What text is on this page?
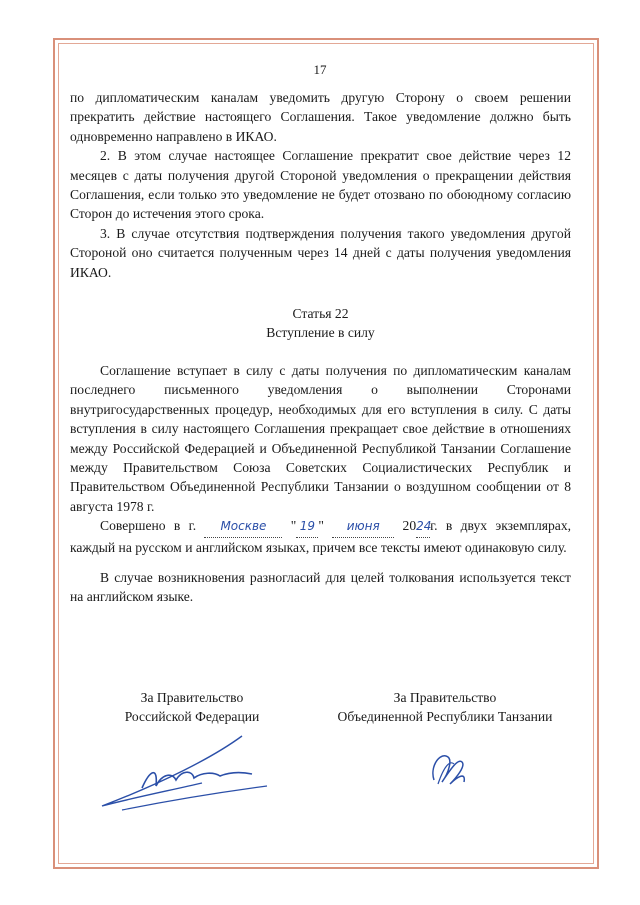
17

по дипломатическим каналам уведомить другую Сторону о своем решении прекратить действие настоящего Соглашения. Такое уведомление должно быть одновременно направлено в ИКАО.

2. В этом случае настоящее Соглашение прекратит свое действие через 12 месяцев с даты получения другой Стороной уведомления о прекращении действия Соглашения, если только это уведомление не будет отозвано по обоюдному согласию Сторон до истечения этого срока.

3. В случае отсутствия подтверждения получения такого уведомления другой Стороной оно считается полученным через 14 дней с даты получения уведомления ИКАО.

Статья 22

Вступление в силу

Соглашение вступает в силу с даты получения по дипломатическим каналам последнего письменного уведомления о выполнении Сторонами внутригосударственных процедур, необходимых для его вступления в силу. С даты вступления в силу настоящего Соглашения прекращает свое действие в отношениях между Российской Федерацией и Объединенной Республикой Танзании Соглашение между Правительством Союза Советских Социалистических Республик и Правительством Объединенной Республики Танзании о воздушном сообщении от 8 августа 1978 г.

Совершено в г. Москве " 19 " июня 2024г. в двух экземплярах, каждый на русском и английском языках, причем все тексты имеют одинаковую силу.

В случае возникновения разногласий для целей толкования используется текст на английском языке.

За Правительство
Российской Федерации
За Правительство
Объединенной Республики Танзании
